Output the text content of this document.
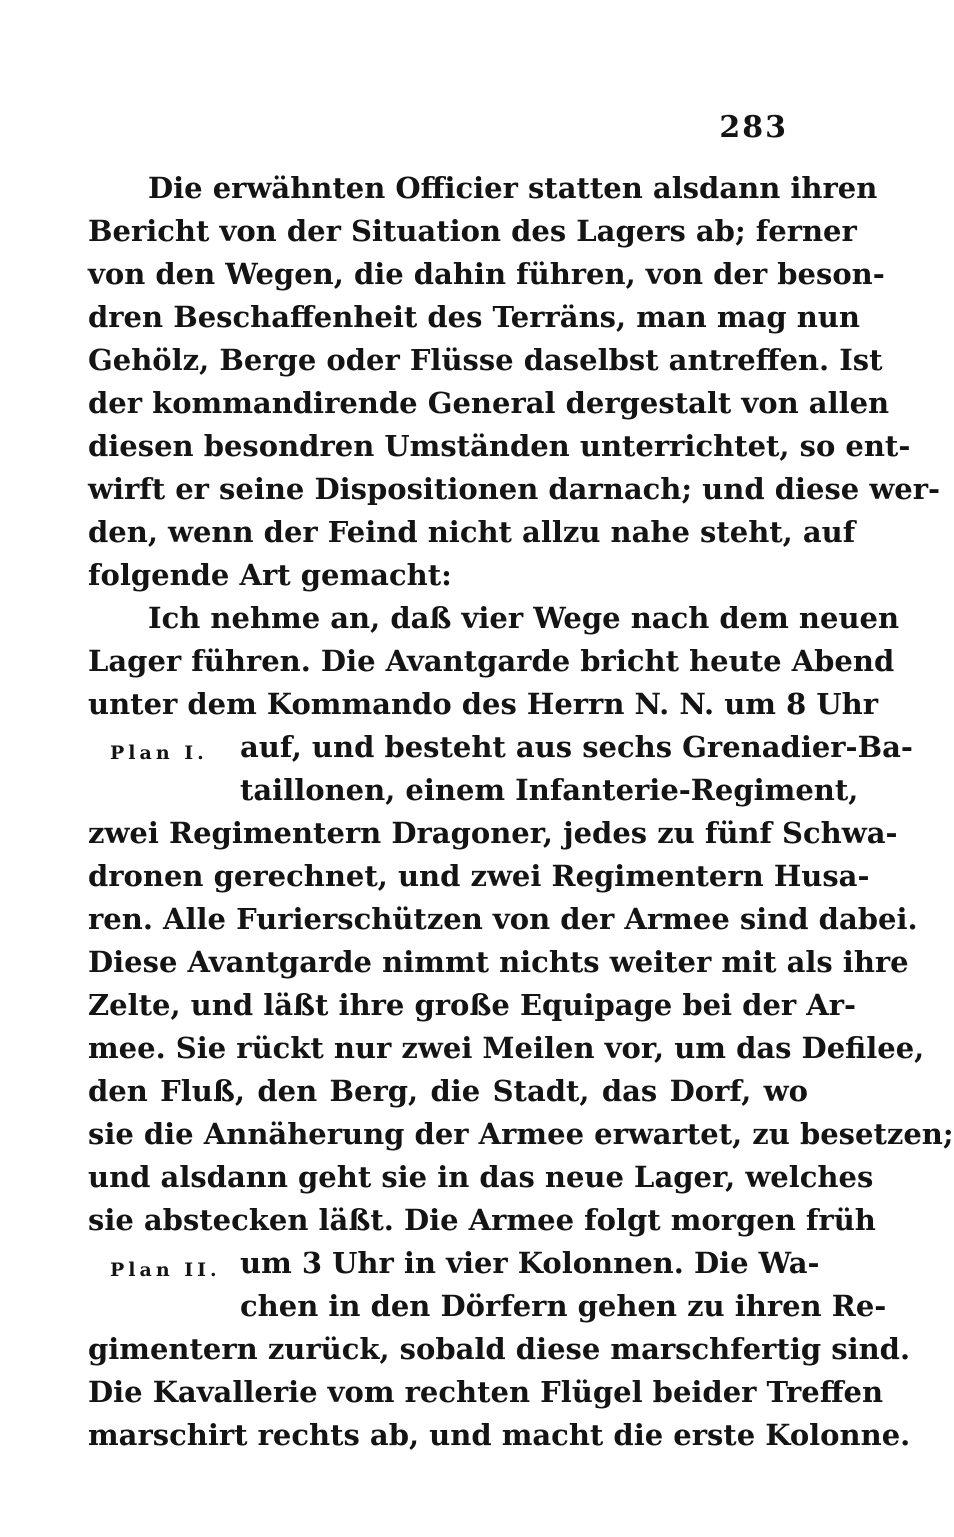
283
Die erwähnten Officier statten alsdann ihren
Bericht von der Situation des Lagers ab; ferner
von den Wegen, die dahin führen, von der beson-
dren Beschaffenheit des Terräns, man mag nun
Gehölz, Berge oder Flüsse daselbst antreffen. Ist
der kommandirende General dergestalt von allen
diesen besondren Umständen unterrichtet, so ent-
wirft er seine Dispositionen darnach; und diese wer-
den, wenn der Feind nicht allzu nahe steht, auf
folgende Art gemacht:
Ich nehme an, daß vier Wege nach dem neuen
Lager führen. Die Avantgarde bricht heute Abend
unter dem Kommando des Herrn N. N. um 8 Uhr
auf, und besteht aus sechs Grenadier-Ba-
Plan I.
taillonen, einem Infanterie-Regiment,
zwei Regimentern Dragoner, jedes zu fünf Schwa-
dronen gerechnet, und zwei Regimentern Husa-
ren. Alle Furierschützen von der Armee sind dabei.
Diese Avantgarde nimmt nichts weiter mit als ihre
Zelte, und läßt ihre große Equipage bei der Ar-
mee. Sie rückt nur zwei Meilen vor, um das Defilee,
den Fluß, den Berg, die Stadt, das Dorf, wo
sie die Annäherung der Armee erwartet, zu besetzen;
und alsdann geht sie in das neue Lager, welches
sie abstecken läßt. Die Armee folgt morgen früh
um 3 Uhr in vier Kolonnen. Die Wa-
Plan II.
chen in den Dörfern gehen zu ihren Re-
gimentern zurück, sobald diese marschfertig sind.
Die Kavallerie vom rechten Flügel beider Treffen
marschirt rechts ab, und macht die erste Kolonne.
